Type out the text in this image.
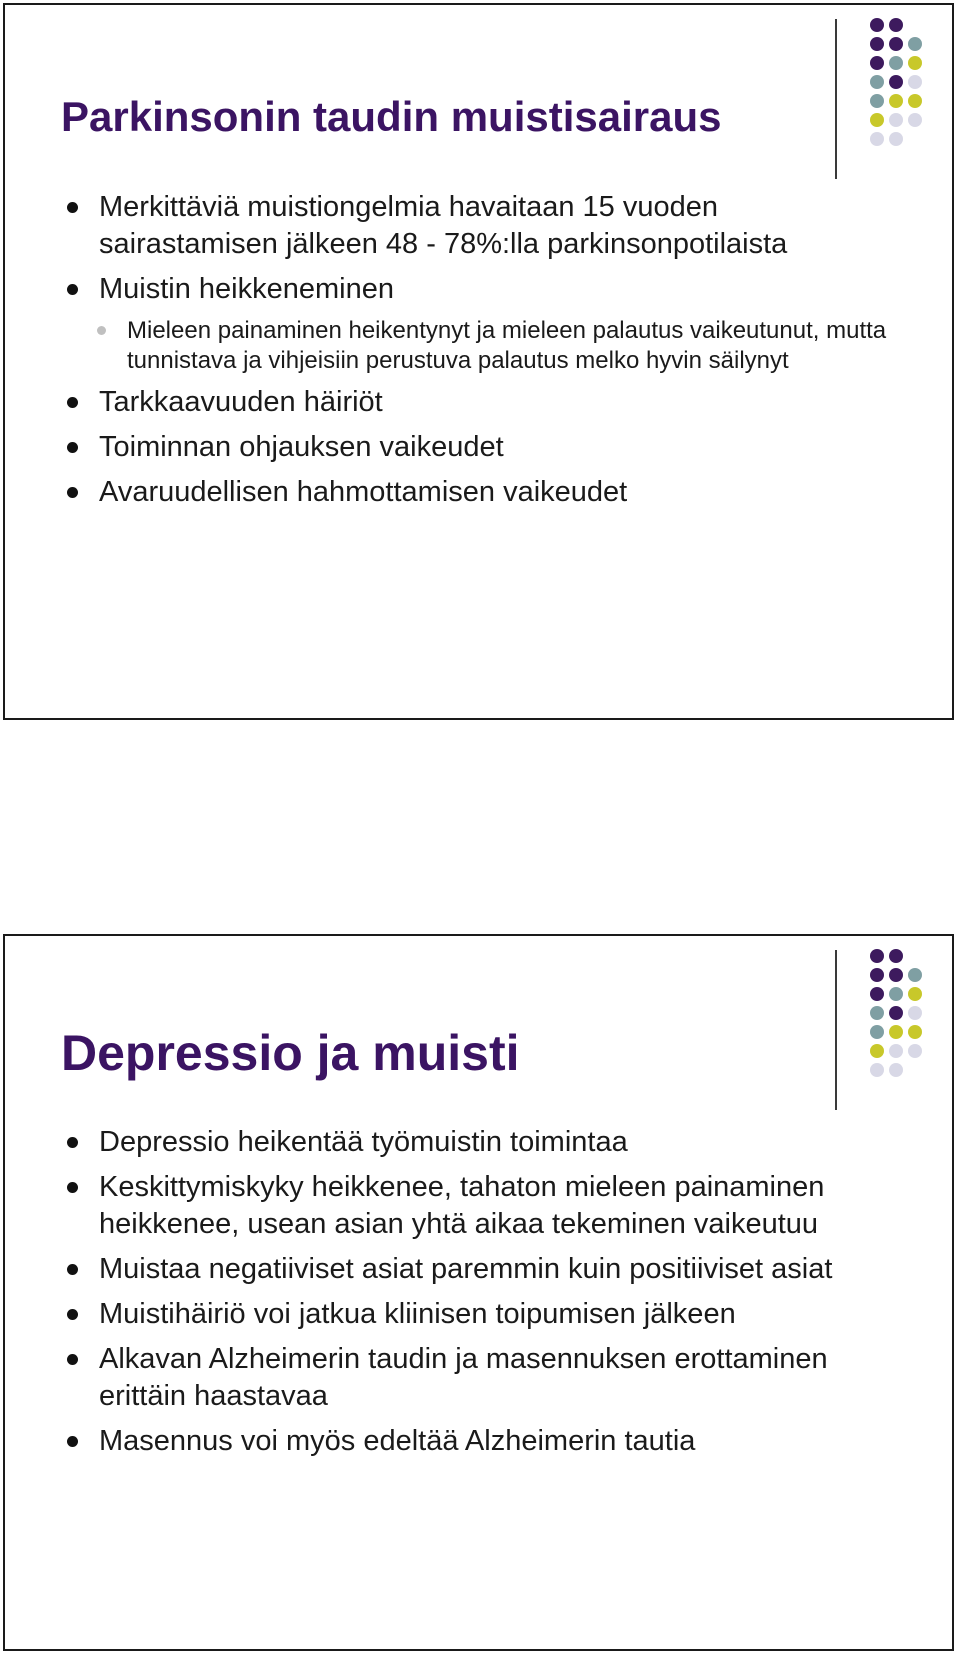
Parkinsonin taudin muistisairaus
Merkittäviä muistiongelmia havaitaan 15 vuoden sairastamisen jälkeen 48 - 78%:lla parkinsonpotilaista
Muistin heikkeneminen
Mieleen painaminen heikentynyt ja mieleen palautus vaikeutunut, mutta tunnistava ja vihjeisiin perustuva palautus melko hyvin säilynyt
Tarkkaavuuden häiriöt
Toiminnan ohjauksen vaikeudet
Avaruudellisen hahmottamisen vaikeudet
Depressio ja muisti
Depressio heikentää työmuistin toimintaa
Keskittymiskyky heikkenee, tahaton mieleen painaminen heikkenee, usean asian yhtä aikaa tekeminen vaikeutuu
Muistaa negatiiviset asiat paremmin kuin positiiviset asiat
Muistihäiriö voi jatkua kliinisen toipumisen jälkeen
Alkavan Alzheimerin taudin ja masennuksen erottaminen erittäin haastavaa
Masennus voi myös edeltää Alzheimerin tautia
